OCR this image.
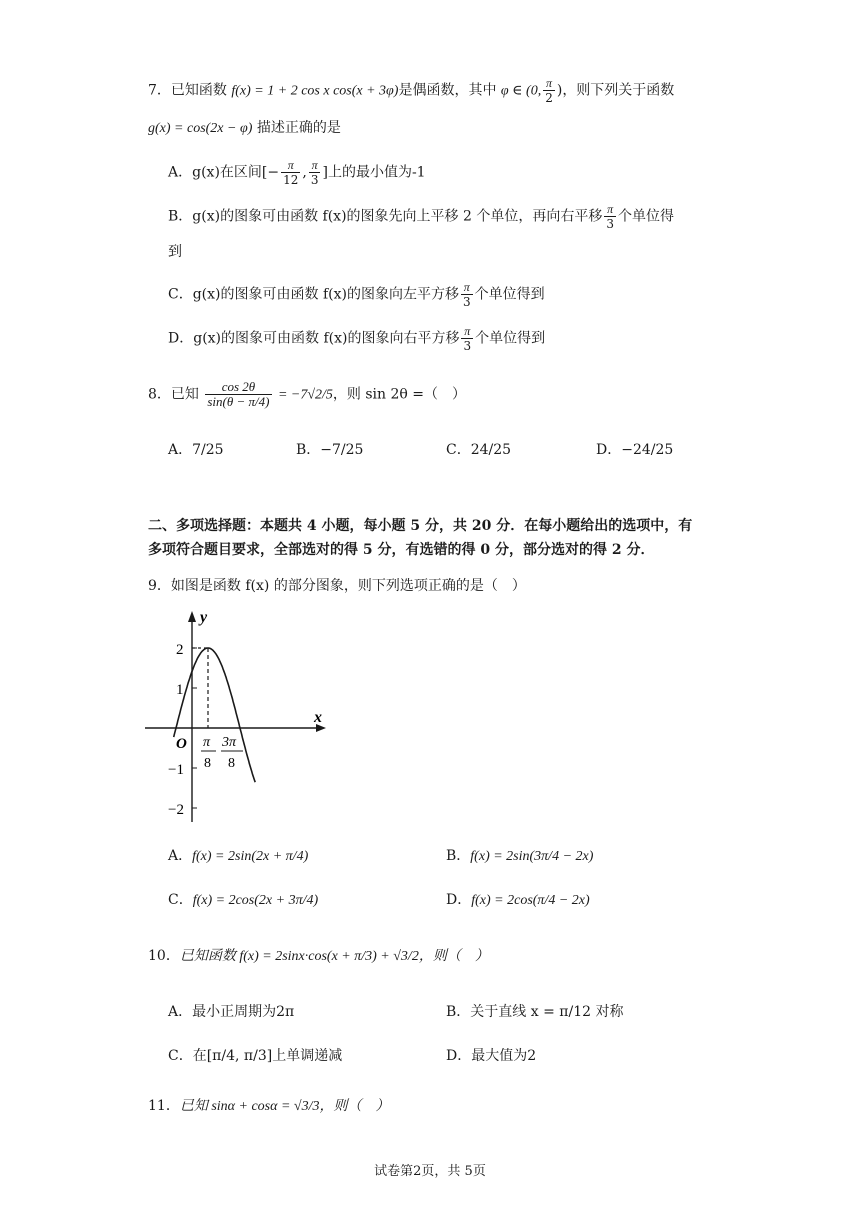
7．已知函数 f(x) = 1 + 2 cos x cos(x + 3φ)是偶函数，其中 φ ∈ (0, $\frac{\pi}{2}$ )，则下列关于函数
g(x) = cos(2x − φ) 描述正确的是
A．g(x)在区间[− $\frac{\pi}{12}$ , $\frac{\pi}{3}$ ]上的最小值为-1
B．g(x)的图象可由函数 f(x)的图象先向上平移 2 个单位，再向右平移 $\frac{\pi}{3}$ 个单位得
到
C．g(x)的图象可由函数 f(x)的图象向左平方移 $\frac{\pi}{3}$ 个单位得到
D．g(x)的图象可由函数 f(x)的图象向右平方移 $\frac{\pi}{3}$ 个单位得到
8．已知 $\frac{\cos 2\theta}{\sin(\theta - \pi/4)} = -7√2/5$，则 sin 2θ =（　）
A．7/25	B．−7/25	C．24/25	D．−24/25
二、多项选择题：本题共 4 小题，每小题 5 分，共 20 分．在每小题给出的选项中，有
多项符合题目要求，全部选对的得 5 分，有选错的得 0 分，部分选对的得 2 分．
9．如图是函数 f(x) 的部分图象，则下列选项正确的是（　）
y
x
O
2
1
−1
−2
π
8
3π
8
A．f(x) = 2sin(2x + π/4)	B．f(x) = 2sin(3π/4 − 2x)
C．f(x) = 2cos(2x + 3π/4)	D．f(x) = 2cos(π/4 − 2x)
10．已知函数 f(x) = 2sinx·cos(x + π/3) + √3/2，则（　）
A．最小正周期为2π	B．关于直线 x = π/12 对称
C．在[π/4, π/3]上单调递减	D．最大值为2
11．已知 sinα + cosα = √3/3，则（　）
试卷第2页，共 5页
